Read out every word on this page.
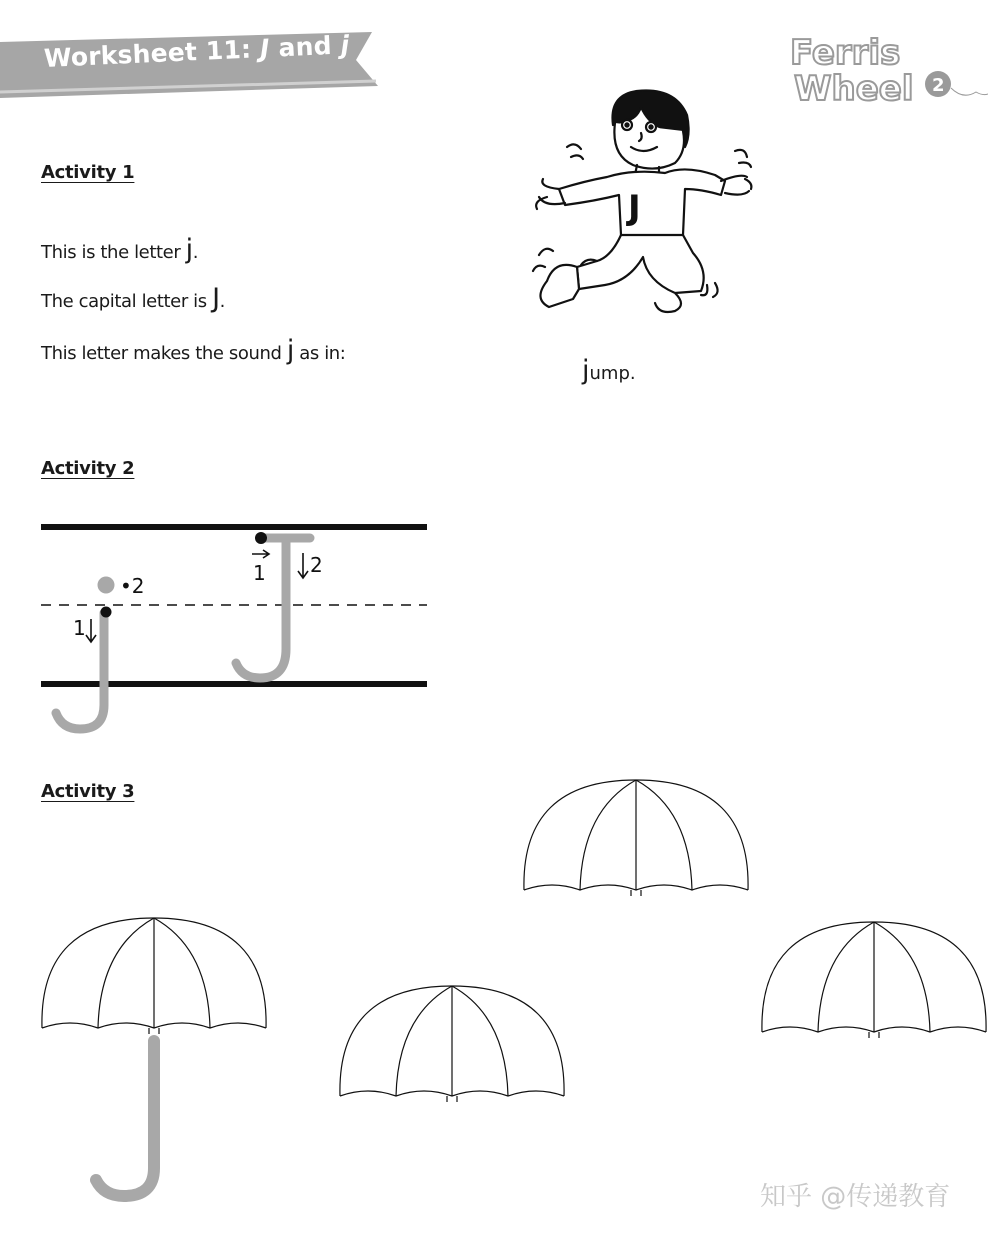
Worksheet 11: J and j	Ferris
Wheel 2
Activity 1
This is the letter j.
The capital letter is J.
This letter makes the sound j as in:
J
jump.
Activity 2
•2
1
1 2
Activity 3
知乎 @传递教育
